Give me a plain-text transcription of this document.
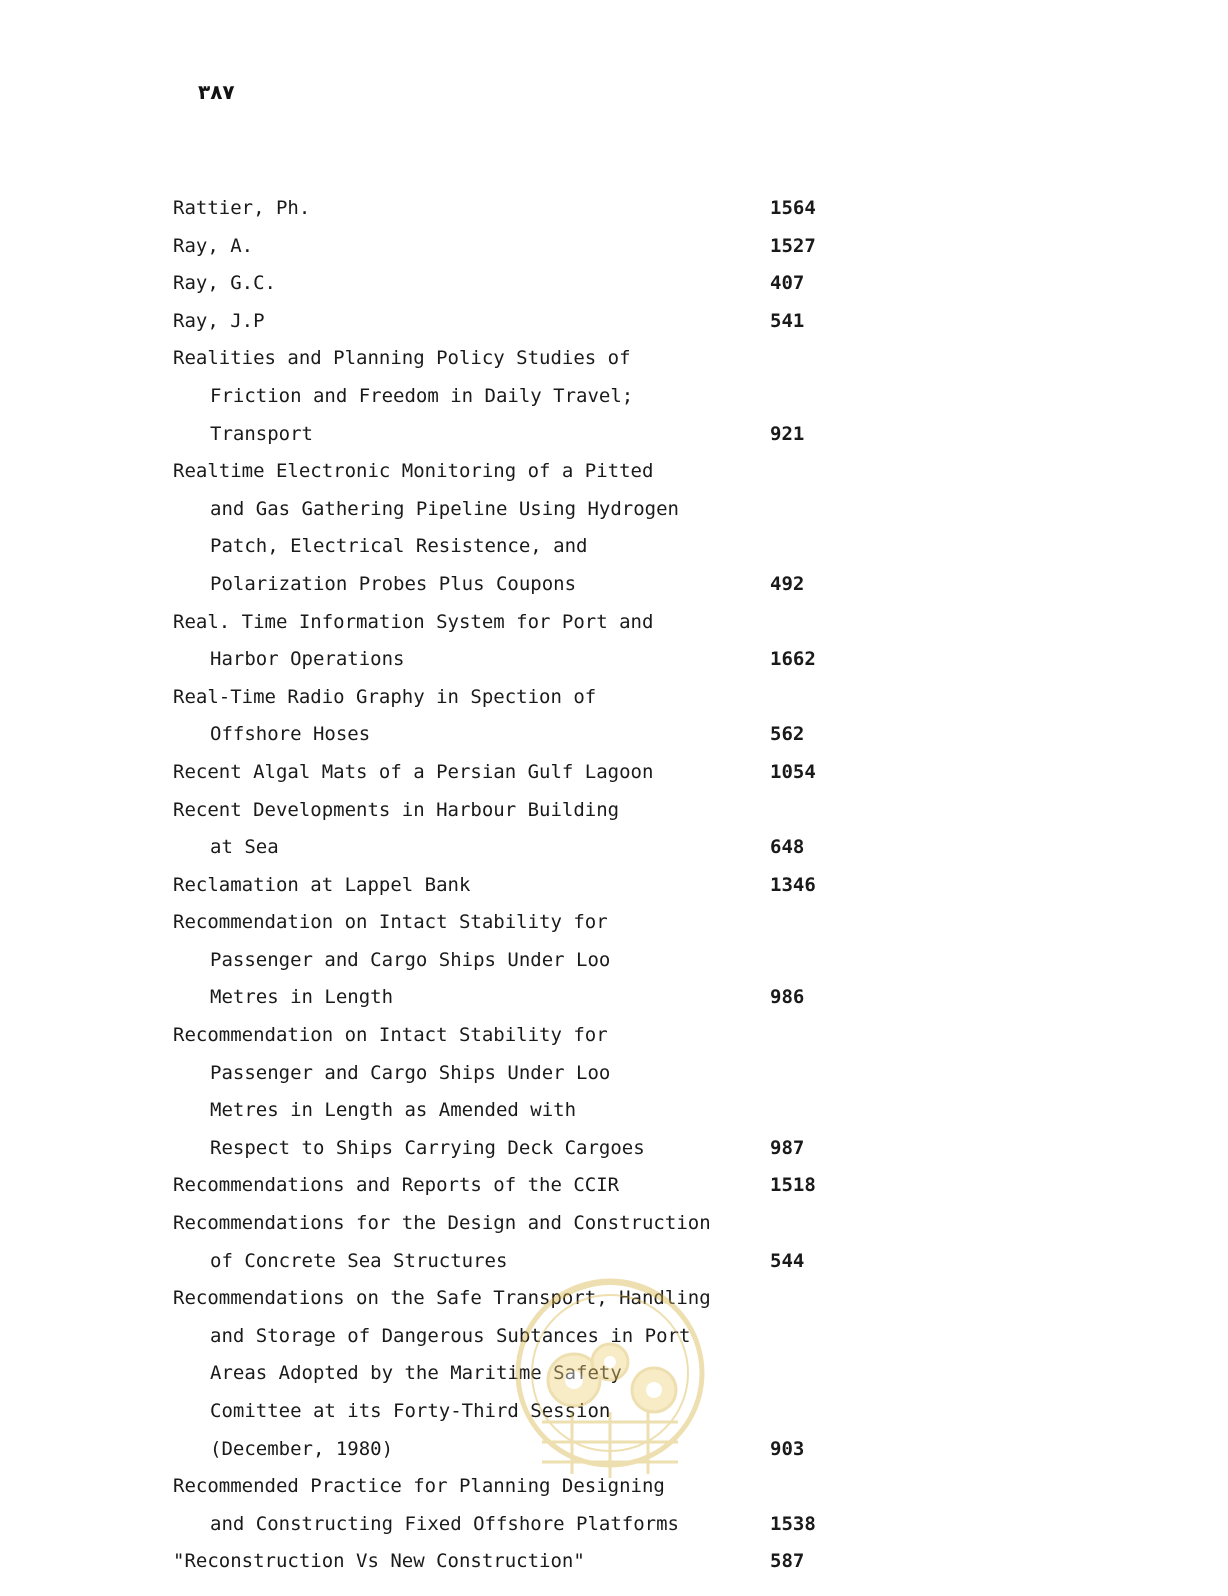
۳۸۷
Rattier, Ph.	1564
Ray, A.	1527
Ray, G.C.	407
Ray, J.P	541
Realities and Planning Policy Studies of
Friction and Freedom in Daily Travel;
Transport	921
Realtime Electronic Monitoring of a Pitted
and Gas Gathering Pipeline Using Hydrogen
Patch, Electrical Resistence, and
Polarization Probes Plus Coupons	492
Real. Time Information System for Port and
Harbor Operations	1662
Real-Time Radio Graphy in Spection of
Offshore Hoses	562
Recent Algal Mats of a Persian Gulf Lagoon	1054
Recent Developments in Harbour Building
at Sea	648
Reclamation at Lappel Bank	1346
Recommendation on Intact Stability for
Passenger and Cargo Ships Under Loo
Metres in Length	986
Recommendation on Intact Stability for
Passenger and Cargo Ships Under Loo
Metres in Length as Amended with
Respect to Ships Carrying Deck Cargoes	987
Recommendations and Reports of the CCIR	1518
Recommendations for the Design and Construction
of Concrete Sea Structures	544
Recommendations on the Safe Transport, Handling
and Storage of Dangerous Subtances in Port
Areas Adopted by the Maritime Safety
Comittee at its Forty-Third Session
(December, 1980)	903
Recommended Practice for Planning Designing
and Constructing Fixed Offshore Platforms	1538
"Reconstruction Vs New Construction"	587
